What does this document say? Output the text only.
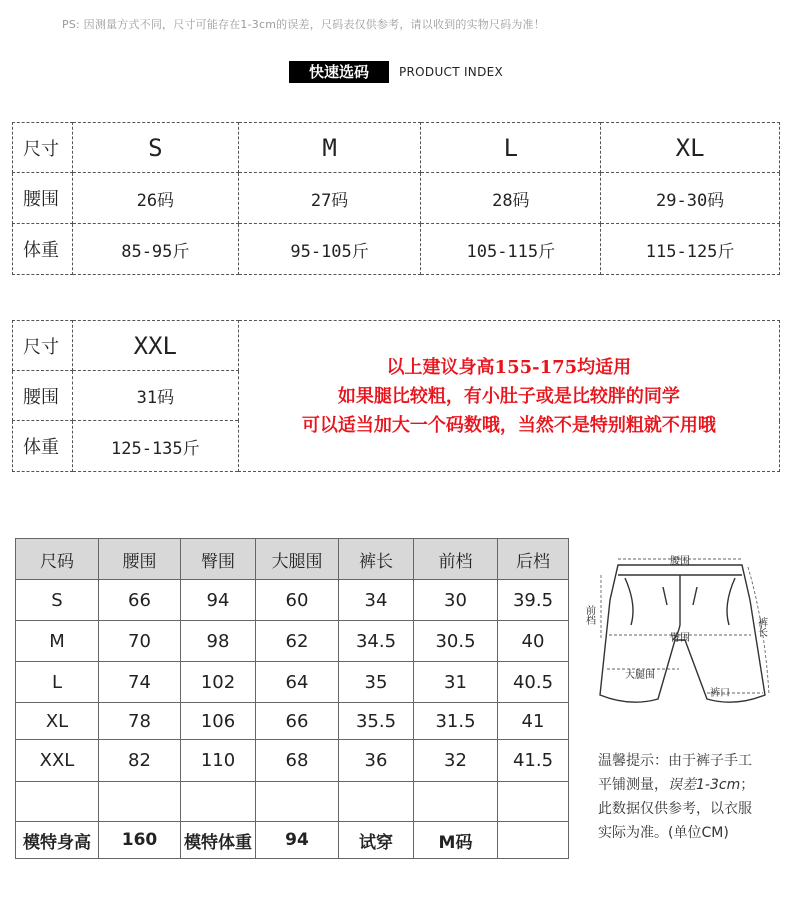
PS: 因测量方式不同，尺寸可能存在1-3cm的误差，尺码表仅供参考，请以收到的实物尺码为准！
快速选码	PRODUCT INDEX
尺寸	S	M	L	XL
腰围	26码	27码	28码	29-30码
体重	85-95斤	95-105斤	105-115斤	115-125斤
尺寸	XXL	以上建议身高155-175均适用
如果腿比较粗，有小肚子或是比较胖的同学
可以适当加大一个码数哦，当然不是特别粗就不用哦

腰围	31码	
体重	125-135斤	
尺码	腰围	臀围	大腿围	裤长	前档	后档
S	66	94	60	34	30	39.5
M	70	98	62	34.5	30.5	40
L	74	102	64	35	31	40.5
XL	78	106	66	35.5	31.5	41
XXL	82	110	68	36	32	41.5

模特身高	160	模特体重	94	试穿	M码	
腰围
前档
裤长
臀围
大腿围
裤口
温馨提示：由于裤子手工
平铺测量，误差1-3cm；
此数据仅供参考，以衣服
实际为准。(单位CM)
